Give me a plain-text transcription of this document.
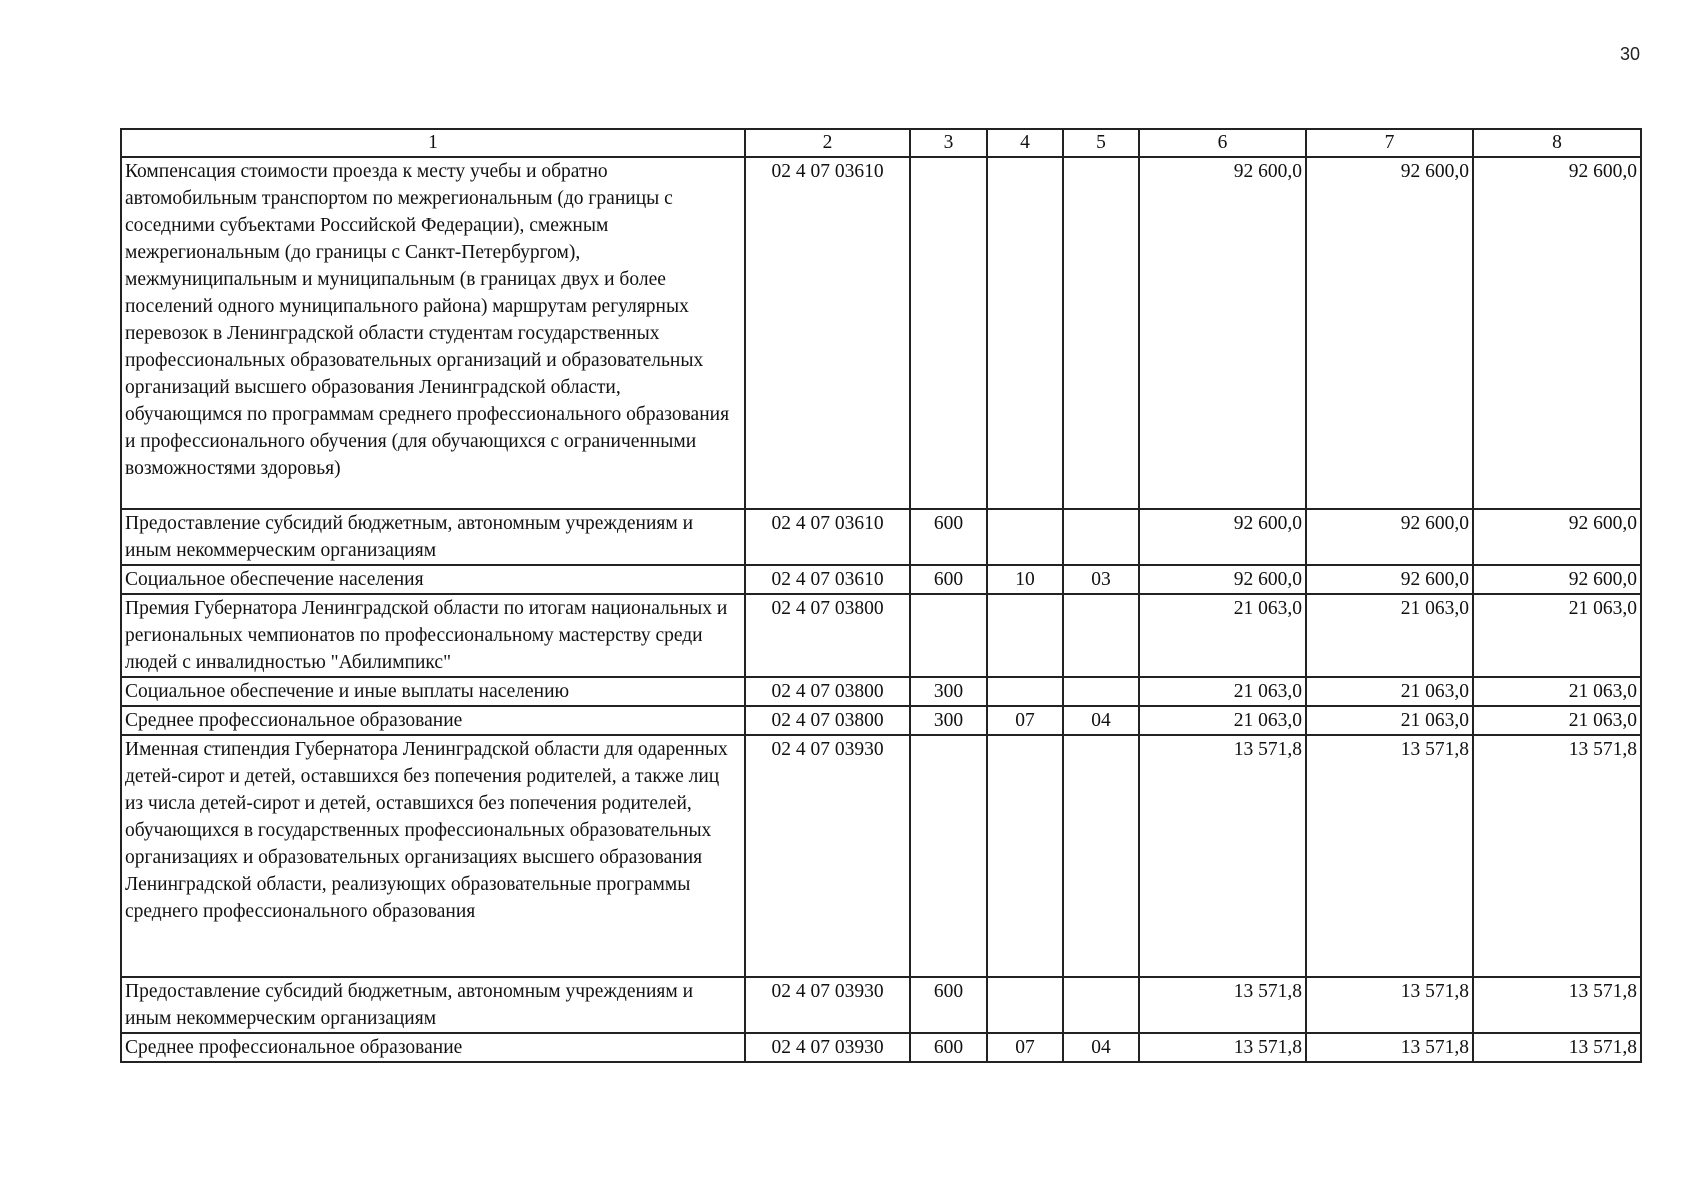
30
1	2	3	4	5	6	7	8
Компенсация стоимости проезда к месту учебы и обратно автомобильным транспортом по межрегиональным (до границы с соседними субъектами Российской Федерации), смежным межрегиональным (до границы с Санкт-Петербургом), межмуниципальным и муниципальным (в границах двух и более поселений одного муниципального района) маршрутам регулярных перевозок в Ленинградской области студентам государственных профессиональных образовательных организаций и образовательных организаций высшего образования Ленинградской области, обучающимся по программам среднего профессионального образования и профессионального обучения (для обучающихся с ограниченными возможностями здоровья)	02 4 07 03610				92 600,0	92 600,0	92 600,0
Предоставление субсидий бюджетным, автономным учреждениям и иным некоммерческим организациям	02 4 07 03610	600			92 600,0	92 600,0	92 600,0
Социальное обеспечение населения	02 4 07 03610	600	10	03	92 600,0	92 600,0	92 600,0
Премия Губернатора Ленинградской области по итогам национальных и региональных чемпионатов по профессиональному мастерству среди людей с инвалидностью "Абилимпикс"	02 4 07 03800				21 063,0	21 063,0	21 063,0
Социальное обеспечение и иные выплаты населению	02 4 07 03800	300			21 063,0	21 063,0	21 063,0
Среднее профессиональное образование	02 4 07 03800	300	07	04	21 063,0	21 063,0	21 063,0
Именная стипендия Губернатора Ленинградской области для одаренных детей-сирот и детей, оставшихся без попечения родителей, а также лиц из числа детей-сирот и детей, оставшихся без попечения родителей, обучающихся в государственных профессиональных образовательных организациях и образовательных организациях высшего образования Ленинградской области, реализующих образовательные программы среднего профессионального образования	02 4 07 03930				13 571,8	13 571,8	13 571,8
Предоставление субсидий бюджетным, автономным учреждениям и иным некоммерческим организациям	02 4 07 03930	600			13 571,8	13 571,8	13 571,8
Среднее профессиональное образование	02 4 07 03930	600	07	04	13 571,8	13 571,8	13 571,8
